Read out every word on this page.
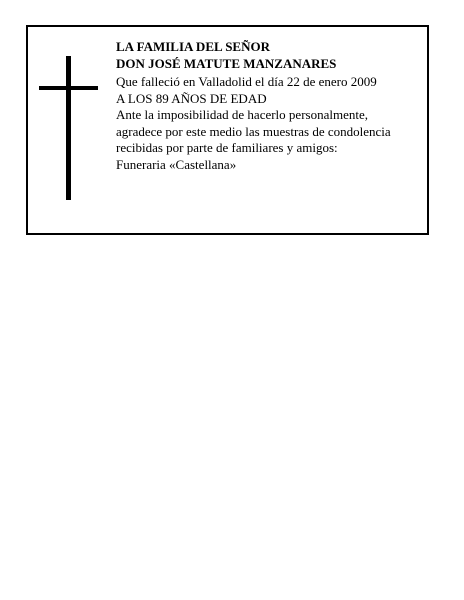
LA FAMILIA DEL SEÑOR
DON JOSÉ MATUTE MANZANARES
Que falleció en Valladolid el día 22 de enero 2009
A LOS 89 AÑOS DE EDAD
Ante la imposibilidad de hacerlo personalmente,
agradece por este medio las muestras de condolencia
recibidas por parte de familiares y amigos:
Funeraria «Castellana»
